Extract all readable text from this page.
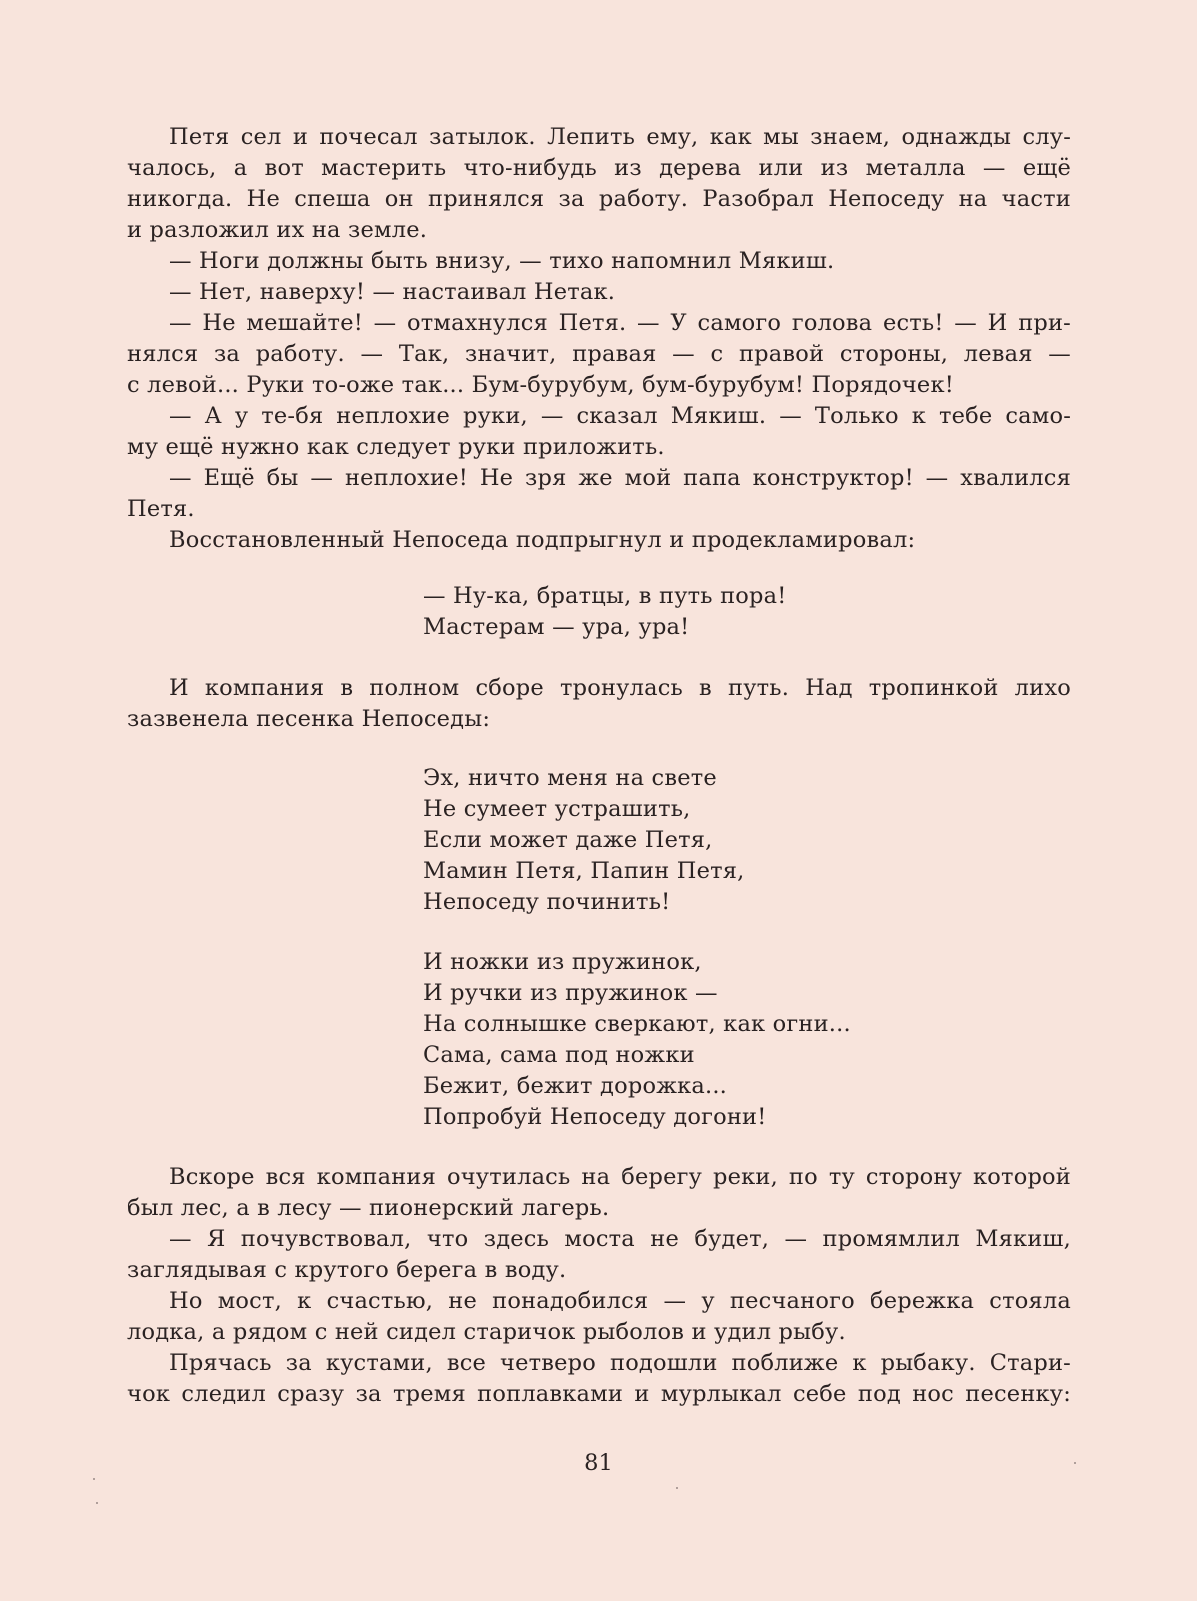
Петя сел и почесал затылок. Лепить ему, как мы знаем, однажды слу-
чалось, а вот мастерить что-нибудь из дерева или из металла — ещё
никогда. Не спеша он принялся за работу. Разобрал Непоседу на части
и разложил их на земле.
— Ноги должны быть внизу, — тихо напомнил Мякиш.
— Нет, наверху! — настаивал Нетак.
— Не мешайте! — отмахнулся Петя. — У самого голова есть! — И при-
нялся за работу. — Так, значит, правая — с правой стороны, левая —
с левой... Руки то-оже так... Бум-бурубум, бум-бурубум! Порядочек!
— А у те-бя неплохие руки, — сказал Мякиш. — Только к тебе само-
му ещё нужно как следует руки приложить.
— Ещё бы — неплохие! Не зря же мой папа конструктор! — хвалился
Петя.
Восстановленный Непоседа подпрыгнул и продекламировал:
— Ну-ка, братцы, в путь пора!
Мастерам — ура, ура!
И компания в полном сборе тронулась в путь. Над тропинкой лихо
зазвенела песенка Непоседы:
Эх, ничто меня на свете
Не сумеет устрашить,
Если может даже Петя,
Мамин Петя, Папин Петя,
Непоседу починить!
И ножки из пружинок,
И ручки из пружинок —
На солнышке сверкают, как огни...
Сама, сама под ножки
Бежит, бежит дорожка...
Попробуй Непоседу догони!
Вскоре вся компания очутилась на берегу реки, по ту сторону которой
был лес, а в лесу — пионерский лагерь.
— Я почувствовал, что здесь моста не будет, — промямлил Мякиш,
заглядывая с крутого берега в воду.
Но мост, к счастью, не понадобился — у песчаного бережка стояла
лодка, а рядом с ней сидел старичок рыболов и удил рыбу.
Прячась за кустами, все четверо подошли поближе к рыбаку. Стари-
чок следил сразу за тремя поплавками и мурлыкал себе под нос песенку:
81
